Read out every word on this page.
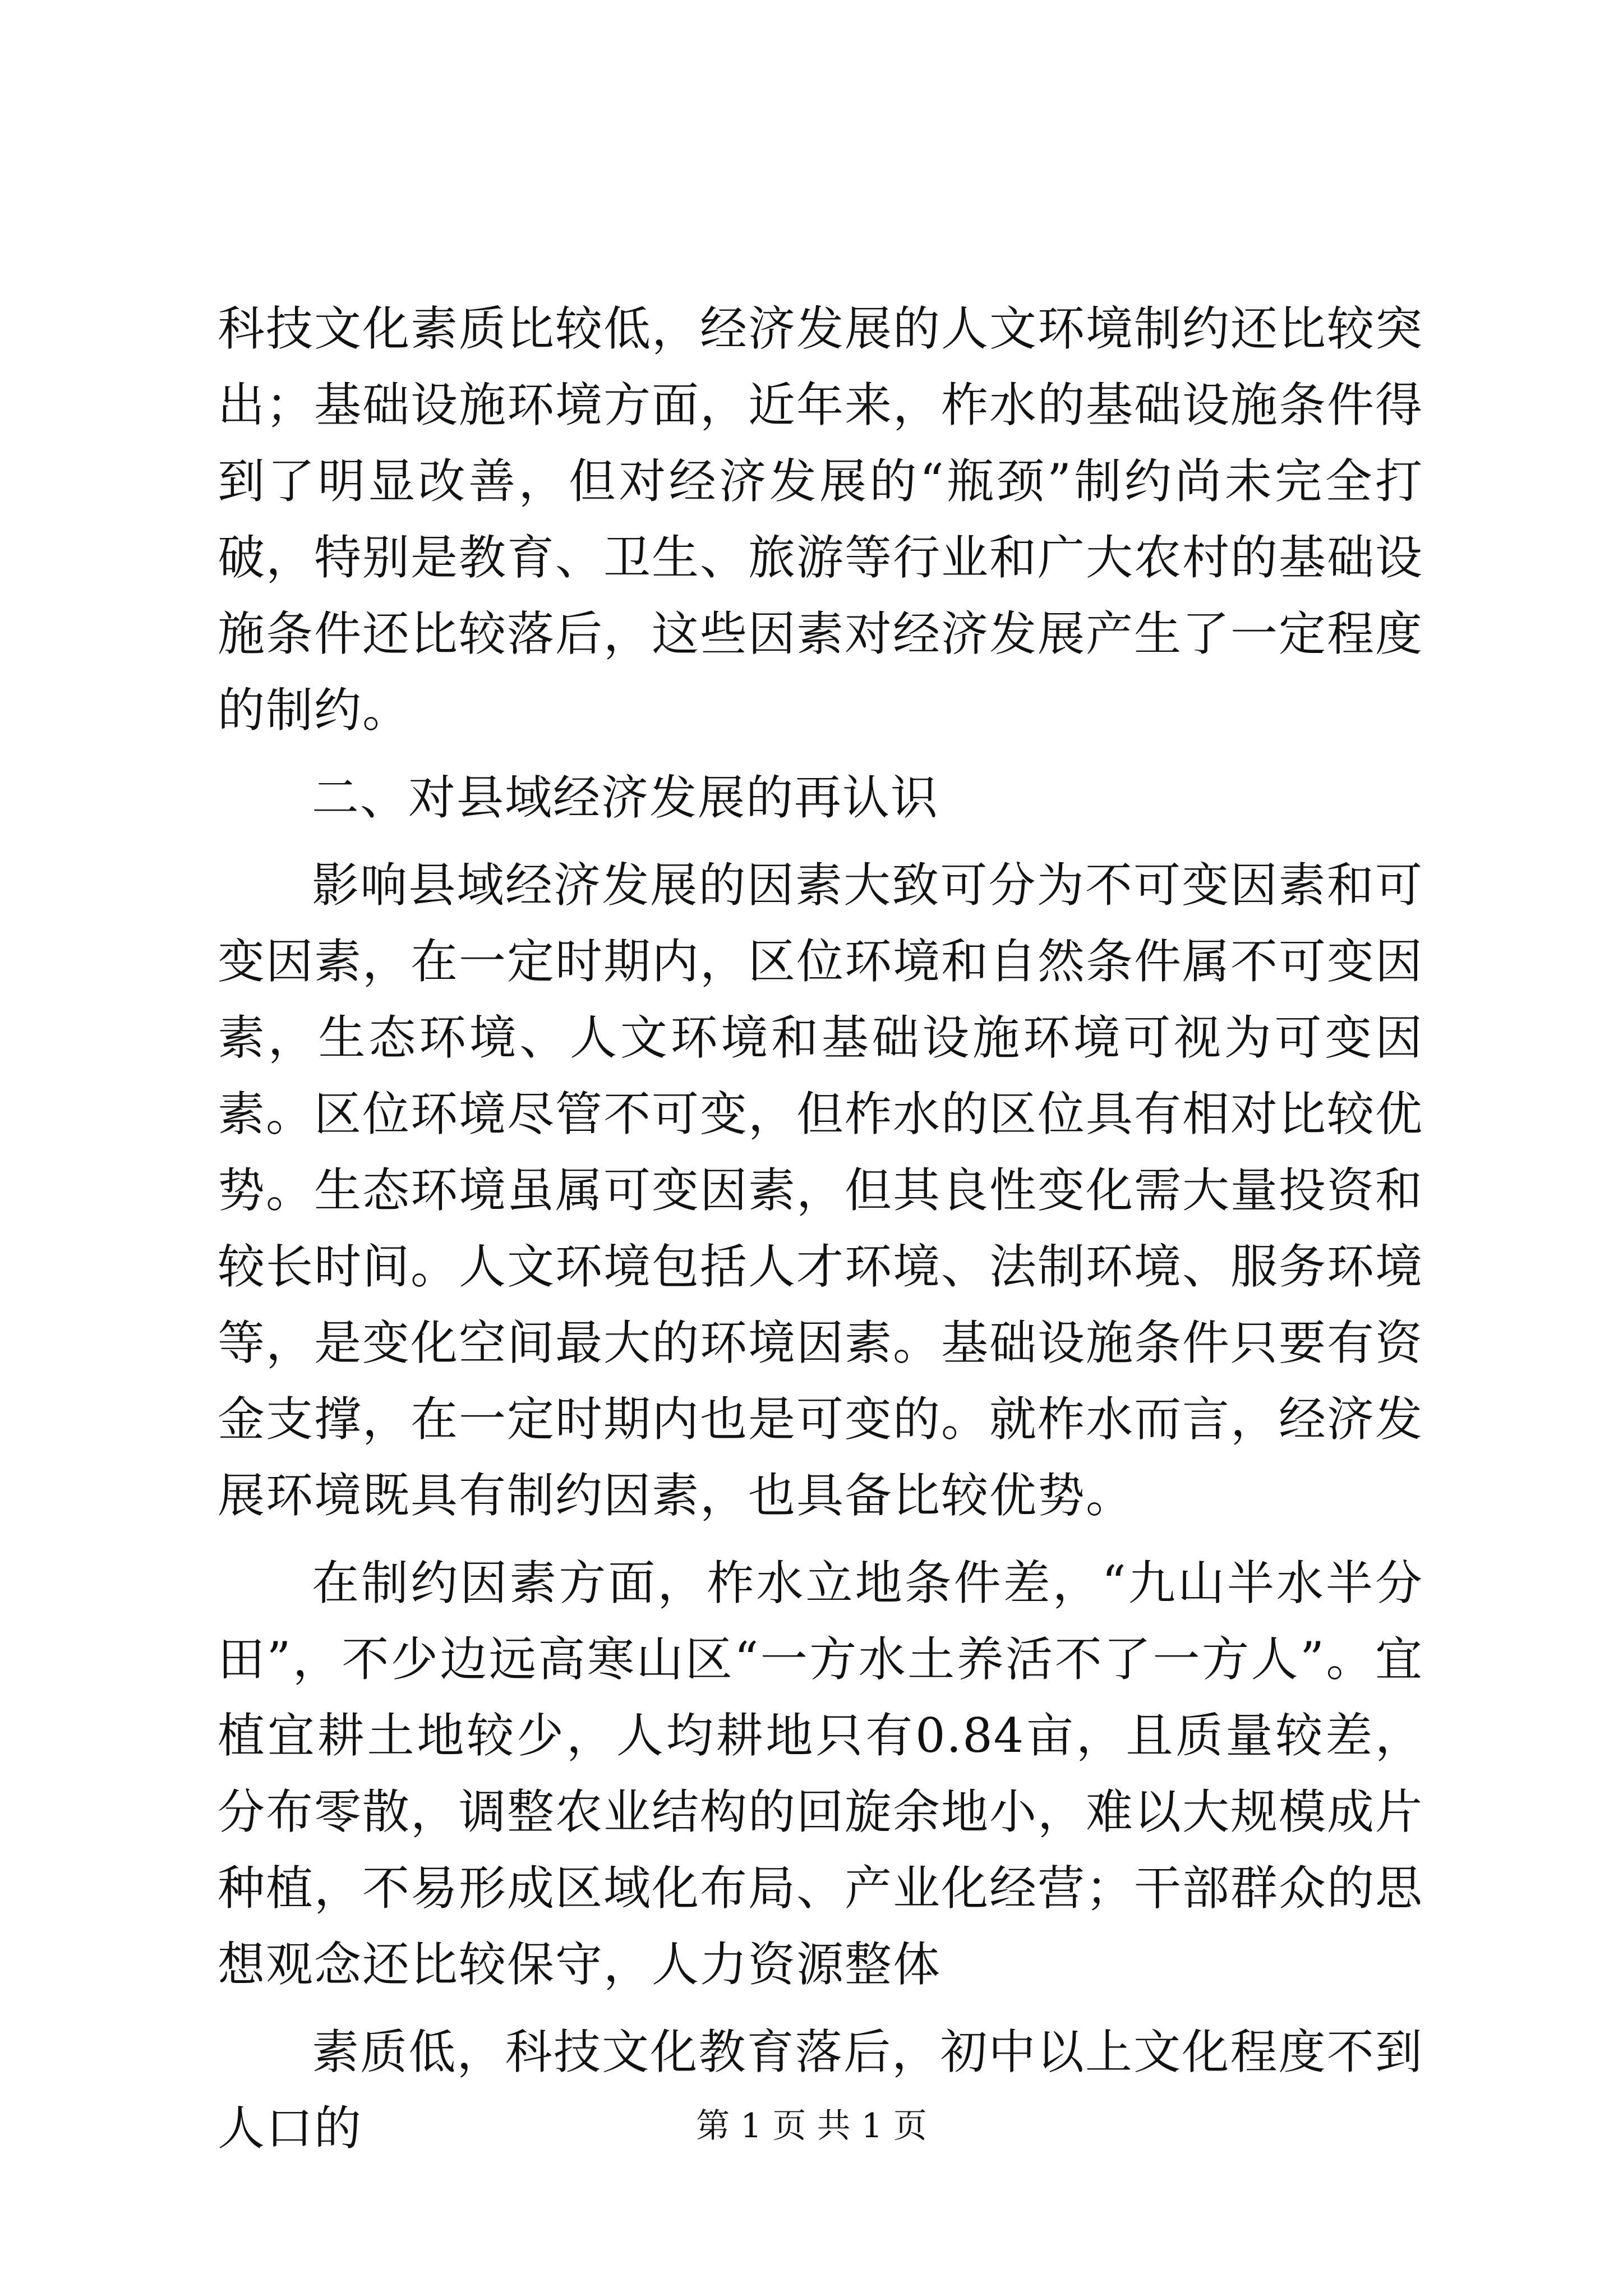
科技文化素质比较低，经济发展的人文环境制约还比较突出；基础设施环境方面，近年来，柞水的基础设施条件得到了明显改善，但对经济发展的“瓶颈”制约尚未完全打破，特别是教育、卫生、旅游等行业和广大农村的基础设施条件还比较落后，这些因素对经济发展产生了一定程度的制约。

二、对县域经济发展的再认识

影响县域经济发展的因素大致可分为不可变因素和可变因素，在一定时期内，区位环境和自然条件属不可变因素，生态环境、人文环境和基础设施环境可视为可变因素。区位环境尽管不可变，但柞水的区位具有相对比较优势。生态环境虽属可变因素，但其良性变化需大量投资和较长时间。人文环境包括人才环境、法制环境、服务环境等，是变化空间最大的环境因素。基础设施条件只要有资金支撑，在一定时期内也是可变的。就柞水而言，经济发展环境既具有制约因素，也具备比较优势。

在制约因素方面，柞水立地条件差，“九山半水半分田”，不少边远高寒山区“一方水土养活不了一方人”。宜植宜耕土地较少，人均耕地只有0.84亩，且质量较差，分布零散，调整农业结构的回旋余地小，难以大规模成片种植，不易形成区域化布局、产业化经营；干部群众的思想观念还比较保守，人力资源整体

素质低，科技文化教育落后，初中以上文化程度不到人口的	第 1 页 共 1 页
